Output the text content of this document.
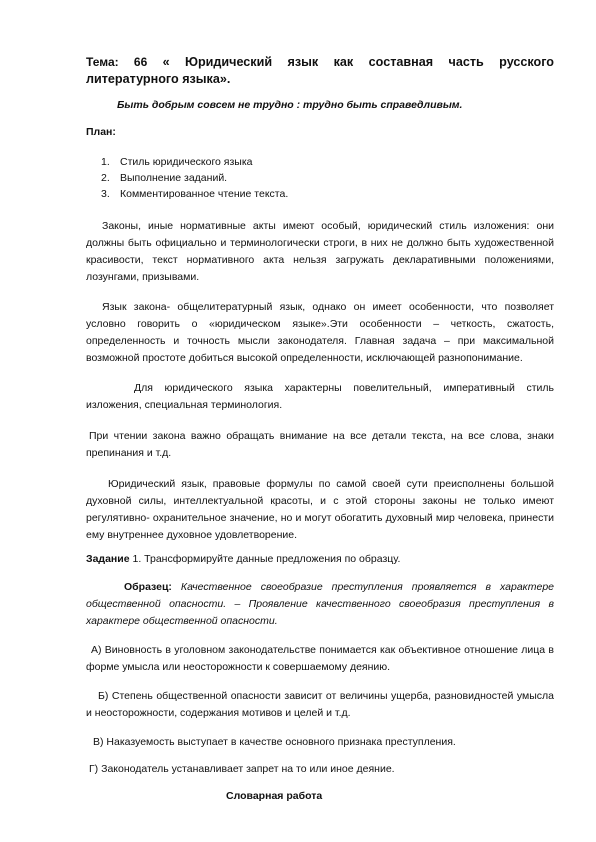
Тема: 66 « Юридический язык как составная часть русского литературного языка».

Быть добрым совсем не трудно : трудно быть справедливым.
План:
1. Стиль юридического языка
2. Выполнение заданий.
3. Комментированное чтение текста.

Законы, иные нормативные акты имеют особый, юридический стиль изложения: они должны быть официально и терминологически строги, в них не должно быть художественной красивости, текст нормативного акта нельзя загружать декларативными положениями, лозунгами, призывами.

Язык закона- общелитературный язык, однако он имеет особенности, что позволяет условно говорить о «юридическом языке».Эти особенности – четкость, сжатость, определенность и точность мысли законодателя. Главная задача – при максимальной возможной простоте добиться высокой определенности, исключающей разнопонимание.

Для юридического языка характерны повелительный, императивный стиль изложения, специальная терминология.

При чтении закона важно обращать внимание на все детали текста, на все слова, знаки препинания и т.д.

Юридический язык, правовые формулы по самой своей сути преисполнены большой духовной силы, интеллектуальной красоты, и с этой стороны законы не только имеют регулятивно- охранительное значение, но и могут обогатить духовный мир человека, принести ему внутреннее духовное удовлетворение.

Задание 1. Трансформируйте данные предложения по образцу.
Образец: Качественное своеобразие преступления проявляется в характере общественной опасности. – Проявление качественного своеобразия преступления в характере общественной опасности.
А) Виновность в уголовном законодательстве понимается как объективное отношение лица в форме умысла или неосторожности к совершаемому деянию.
Б) Степень общественной опасности зависит от величины ущерба, разновидностей умысла и неосторожности, содержания мотивов и целей и т.д.
В) Наказуемость выступает в качестве основного признака преступления.
Г) Законодатель устанавливает запрет на то или иное деяние.
Словарная работа
